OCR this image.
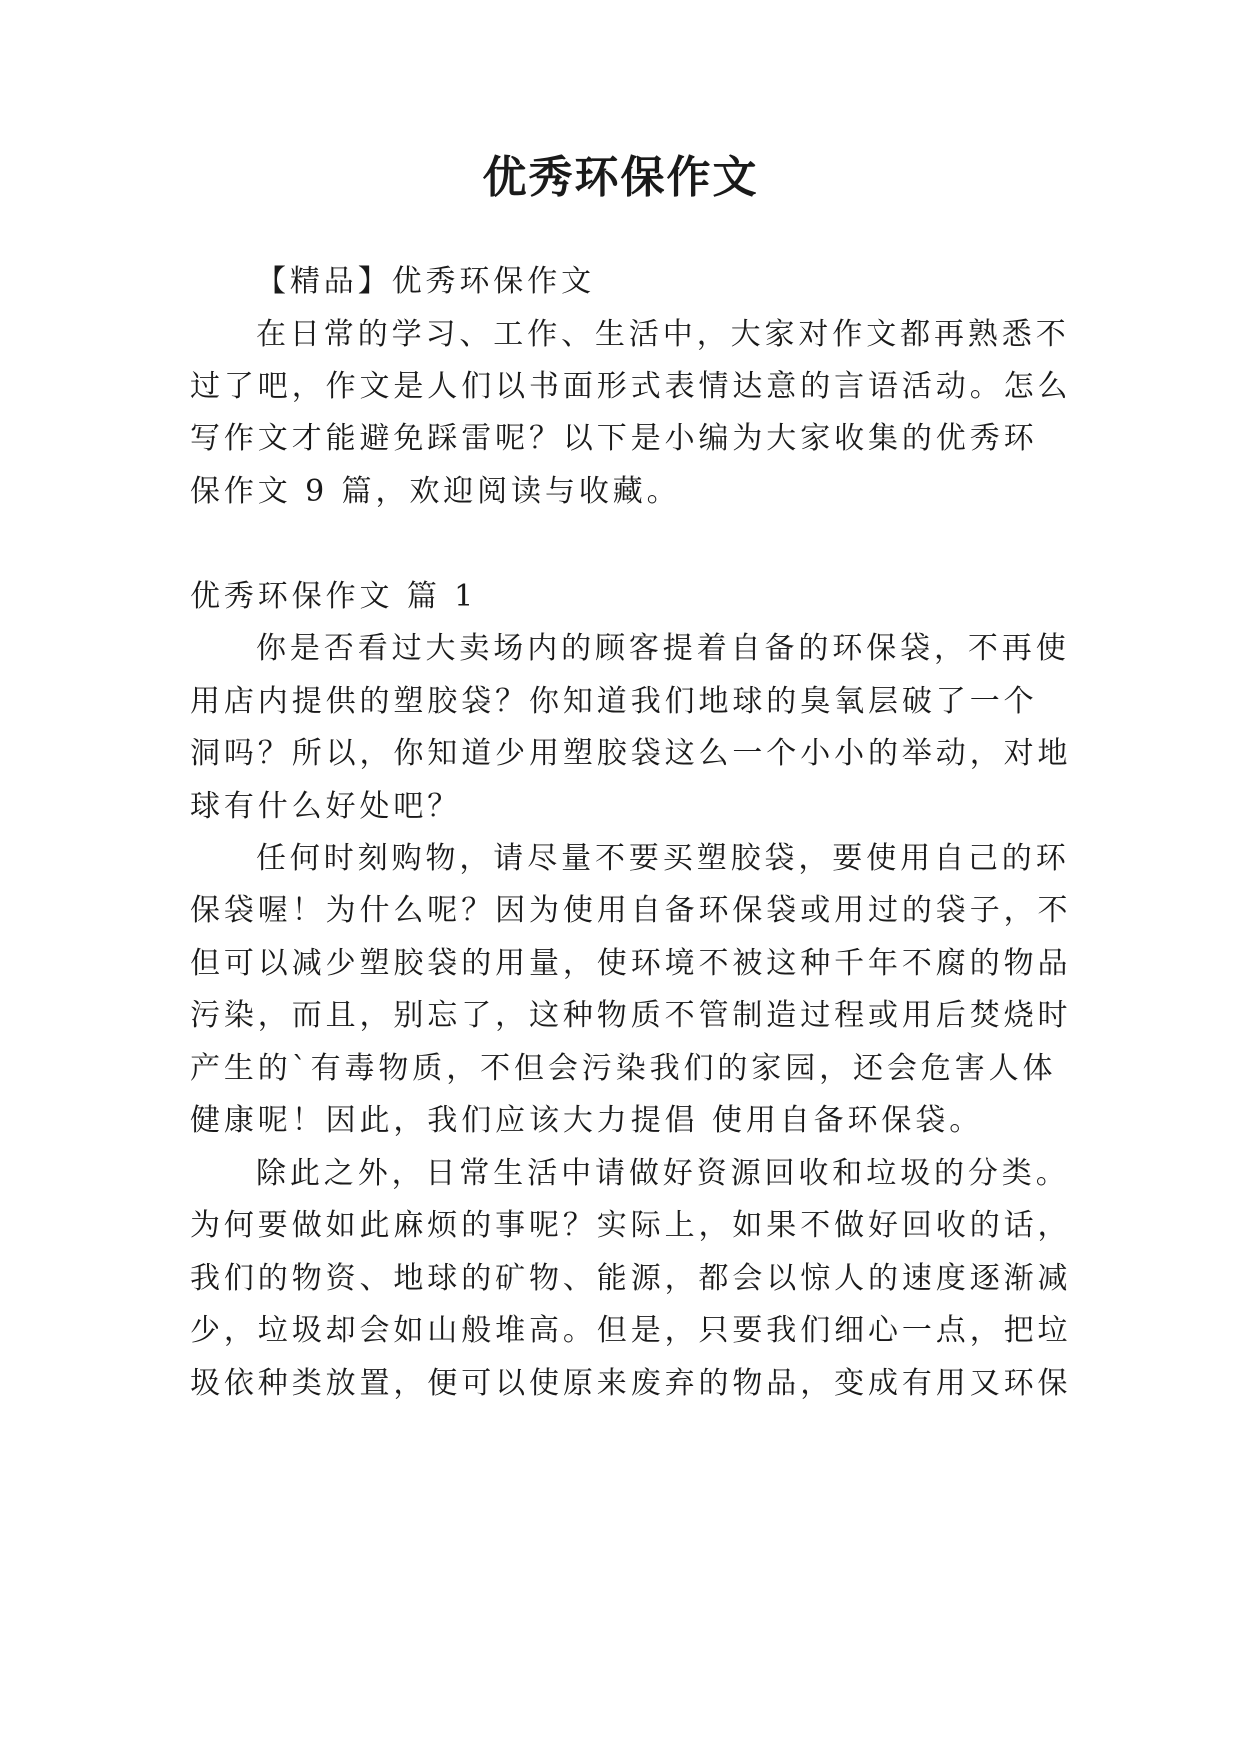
优秀环保作文
【精品】优秀环保作文
在日常的学习、工作、生活中，大家对作文都再熟悉不
过了吧，作文是人们以书面形式表情达意的言语活动。怎么
写作文才能避免踩雷呢？以下是小编为大家收集的优秀环
保作文 9 篇，欢迎阅读与收藏。
优秀环保作文 篇 1
你是否看过大卖场内的顾客提着自备的环保袋，不再使
用店内提供的塑胶袋？你知道我们地球的臭氧层破了一个
洞吗？所以，你知道少用塑胶袋这么一个小小的举动，对地
球有什么好处吧？
任何时刻购物，请尽量不要买塑胶袋，要使用自己的环
保袋喔！为什么呢？因为使用自备环保袋或用过的袋子，不
但可以减少塑胶袋的用量，使环境不被这种千年不腐的物品
污染，而且，别忘了，这种物质不管制造过程或用后焚烧时
产生的`有毒物质，不但会污染我们的家园，还会危害人体
健康呢！因此，我们应该大力提倡 使用自备环保袋。
除此之外，日常生活中请做好资源回收和垃圾的分类。
为何要做如此麻烦的事呢？实际上，如果不做好回收的话，
我们的物资、地球的矿物、能源，都会以惊人的速度逐渐减
少，垃圾却会如山般堆高。但是，只要我们细心一点，把垃
圾依种类放置，便可以使原来废弃的物品，变成有用又环保
